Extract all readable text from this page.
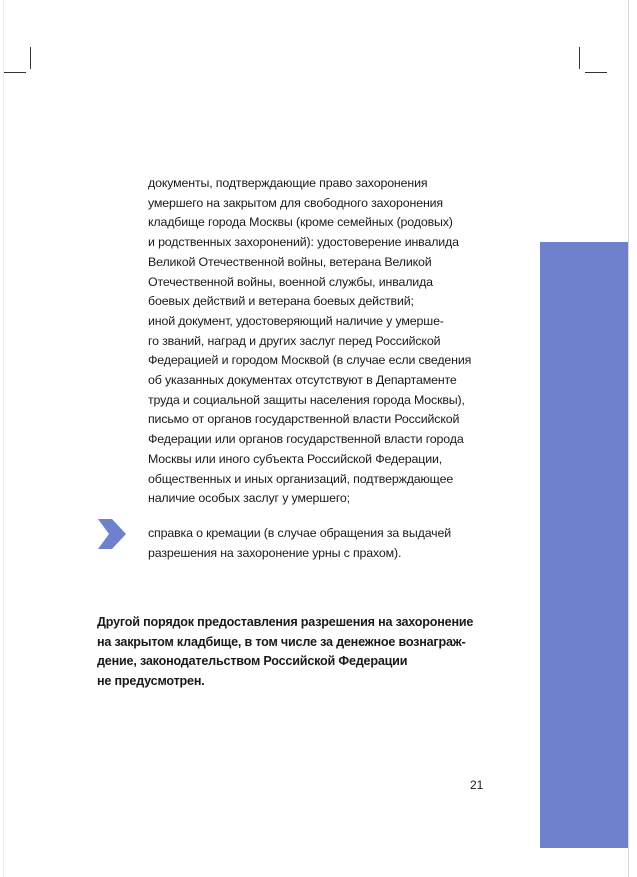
документы, подтверждающие право захоронения
умершего на закрытом для свободного захоронения
кладбище города Москвы (кроме семейных (родовых)
и родственных захоронений): удостоверение инвалида
Великой Отечественной войны, ветерана Великой
Отечественной войны, военной службы, инвалида
боевых действий и ветерана боевых действий;
иной документ, удостоверяющий наличие у умерше-
го званий, наград и других заслуг перед Российской
Федерацией и городом Москвой (в случае если сведения
об указанных документах отсутствуют в Департаменте
труда и социальной защиты населения города Москвы),
письмо от органов государственной власти Российской
Федерации или органов государственной власти города
Москвы или иного субъекта Российской Федерации,
общественных и иных организаций, подтверждающее
наличие особых заслуг у умершего;

справка о кремации (в случае обращения за выдачей
разрешения на захоронение урны с прахом).

Другой порядок предоставления разрешения на захоронение
на закрытом кладбище, в том числе за денежное вознаграж-
дение, законодательством Российской Федерации
не предусмотрен.

21
